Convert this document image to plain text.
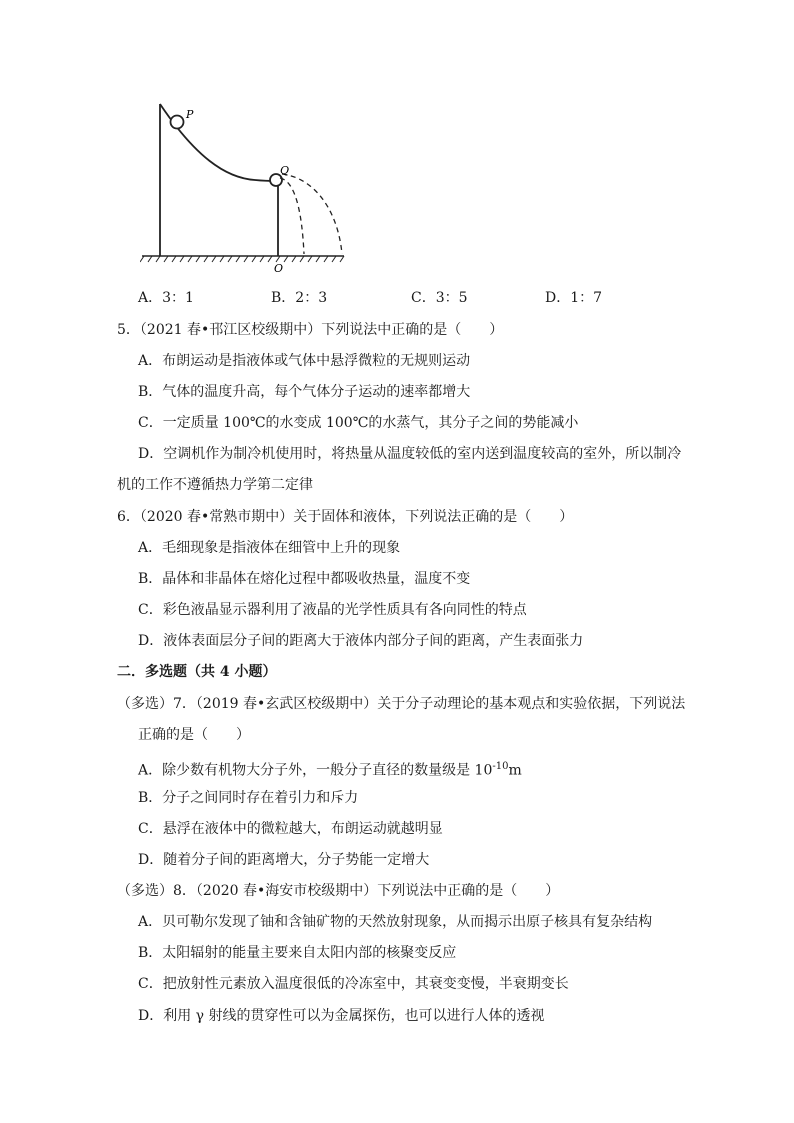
P
Q
O
A．3：1	B．2：3	C．3：5	D．1：7
5．（2021 春•邗江区校级期中）下列说法中正确的是（　　）
A．布朗运动是指液体或气体中悬浮微粒的无规则运动
B．气体的温度升高，每个气体分子运动的速率都增大
C．一定质量 100℃的水变成 100℃的水蒸气，其分子之间的势能减小
D．空调机作为制冷机使用时，将热量从温度较低的室内送到温度较高的室外，所以制冷
机的工作不遵循热力学第二定律
6．（2020 春•常熟市期中）关于固体和液体，下列说法正确的是（　　）
A．毛细现象是指液体在细管中上升的现象
B．晶体和非晶体在熔化过程中都吸收热量，温度不变
C．彩色液晶显示器利用了液晶的光学性质具有各向同性的特点
D．液体表面层分子间的距离大于液体内部分子间的距离，产生表面张力
二．多选题（共 4 小题）
（多选）7．（2019 春•玄武区校级期中）关于分子动理论的基本观点和实验依据，下列说法
正确的是（　　）
A．除少数有机物大分子外，一般分子直径的数量级是 $10^{-10}m$
B．分子之间同时存在着引力和斥力
C．悬浮在液体中的微粒越大，布朗运动就越明显
D．随着分子间的距离增大，分子势能一定增大
（多选）8．（2020 春•海安市校级期中）下列说法中正确的是（　　）
A．贝可勒尔发现了铀和含铀矿物的天然放射现象，从而揭示出原子核具有复杂结构
B．太阳辐射的能量主要来自太阳内部的核聚变反应
C．把放射性元素放入温度很低的冷冻室中，其衰变变慢，半衰期变长
D．利用 γ 射线的贯穿性可以为金属探伤，也可以进行人体的透视
